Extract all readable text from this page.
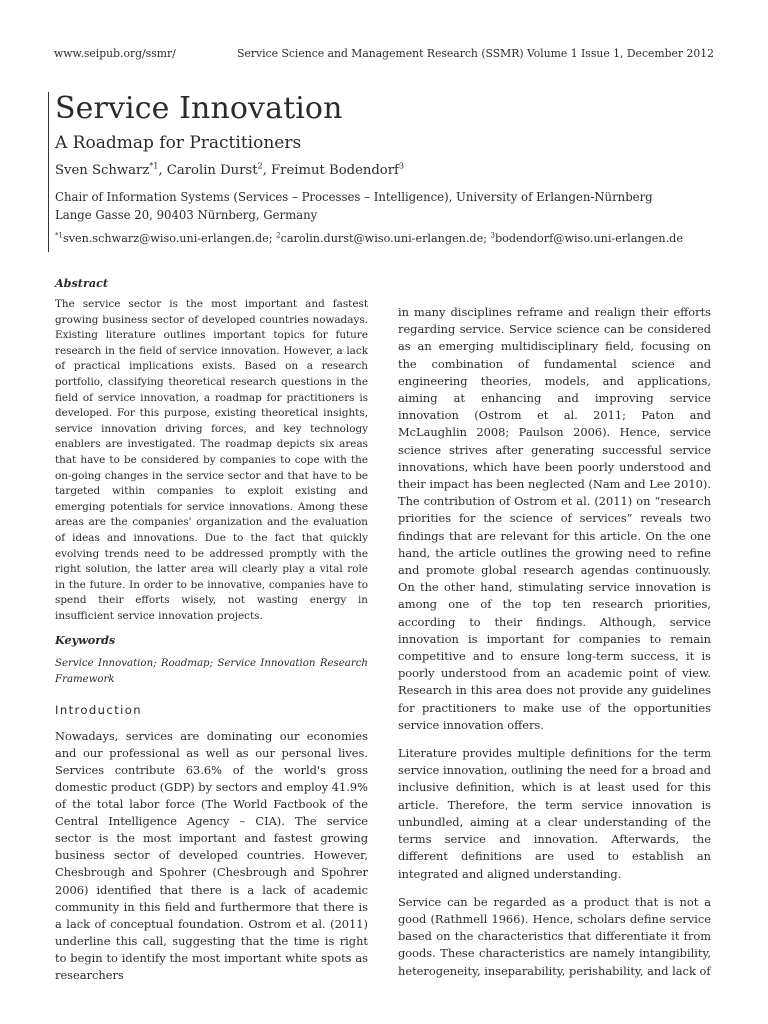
www.seipub.org/ssmr/	Service Science and Management Research (SSMR) Volume 1 Issue 1, December 2012
Service Innovation
A Roadmap for Practitioners
Sven Schwarz$^{*1}$, Carolin Durst$^2$, Freimut Bodendorf$^3$
Chair of Information Systems (Services – Processes – Intelligence), University of Erlangen-Nürnberg
Lange Gasse 20, 90403 Nürnberg, Germany
$^{*1}$sven.schwarz@wiso.uni-erlangen.de; $^2$carolin.durst@wiso.uni-erlangen.de; $^3$bodendorf@wiso.uni-erlangen.de
Abstract

The service sector is the most important and fastest growing business sector of developed countries nowadays. Existing literature outlines important topics for future research in the field of service innovation. However, a lack of practical implications exists. Based on a research portfolio, classifying theoretical research questions in the field of service innovation, a roadmap for practitioners is developed. For this purpose, existing theoretical insights, service innovation driving forces, and key technology enablers are investigated. The roadmap depicts six areas that have to be considered by companies to cope with the on-going changes in the service sector and that have to be targeted within companies to exploit existing and emerging potentials for service innovations. Among these areas are the companies' organization and the evaluation of ideas and innovations. Due to the fact that quickly evolving trends need to be addressed promptly with the right solution, the latter area will clearly play a vital role in the future. In order to be innovative, companies have to spend their efforts wisely, not wasting energy in insufficient service innovation projects.

Keywords

Service Innovation; Roadmap; Service Innovation Research Framework

Introduction

Nowadays, services are dominating our economies and our professional as well as our personal lives. Services contribute 63.6% of the world's gross domestic product (GDP) by sectors and employ 41.9% of the total labor force (The World Factbook of the Central Intelligence Agency – CIA). The service sector is the most important and fastest growing business sector of developed countries. However, Chesbrough and Spohrer (Chesbrough and Spohrer 2006) identified that there is a lack of academic community in this field and furthermore that there is a lack of conceptual foundation. Ostrom et al. (2011) underline this call, suggesting that the time is right to begin to identify the most important white spots as researchers

in many disciplines reframe and realign their efforts regarding service. Service science can be considered as an emerging multidisciplinary field, focusing on the combination of fundamental science and engineering theories, models, and applications, aiming at enhancing and improving service innovation (Ostrom et al. 2011; Paton and McLaughlin 2008; Paulson 2006). Hence, service science strives after generating successful service innovations, which have been poorly understood and their impact has been neglected (Nam and Lee 2010). The contribution of Ostrom et al. (2011) on “research priorities for the science of services” reveals two findings that are relevant for this article. On the one hand, the article outlines the growing need to refine and promote global research agendas continuously. On the other hand, stimulating service innovation is among one of the top ten research priorities, according to their findings. Although, service innovation is important for companies to remain competitive and to ensure long-term success, it is poorly understood from an academic point of view. Research in this area does not provide any guidelines for practitioners to make use of the opportunities service innovation offers.

Literature provides multiple definitions for the term service innovation, outlining the need for a broad and inclusive definition, which is at least used for this article. Therefore, the term service innovation is unbundled, aiming at a clear understanding of the terms service and innovation. Afterwards, the different definitions are used to establish an integrated and aligned understanding.

Service can be regarded as a product that is not a good (Rathmell 1966). Hence, scholars define service based on the characteristics that differentiate it from goods. These characteristics are namely intangibility, heterogeneity, inseparability, perishability, and lack of
